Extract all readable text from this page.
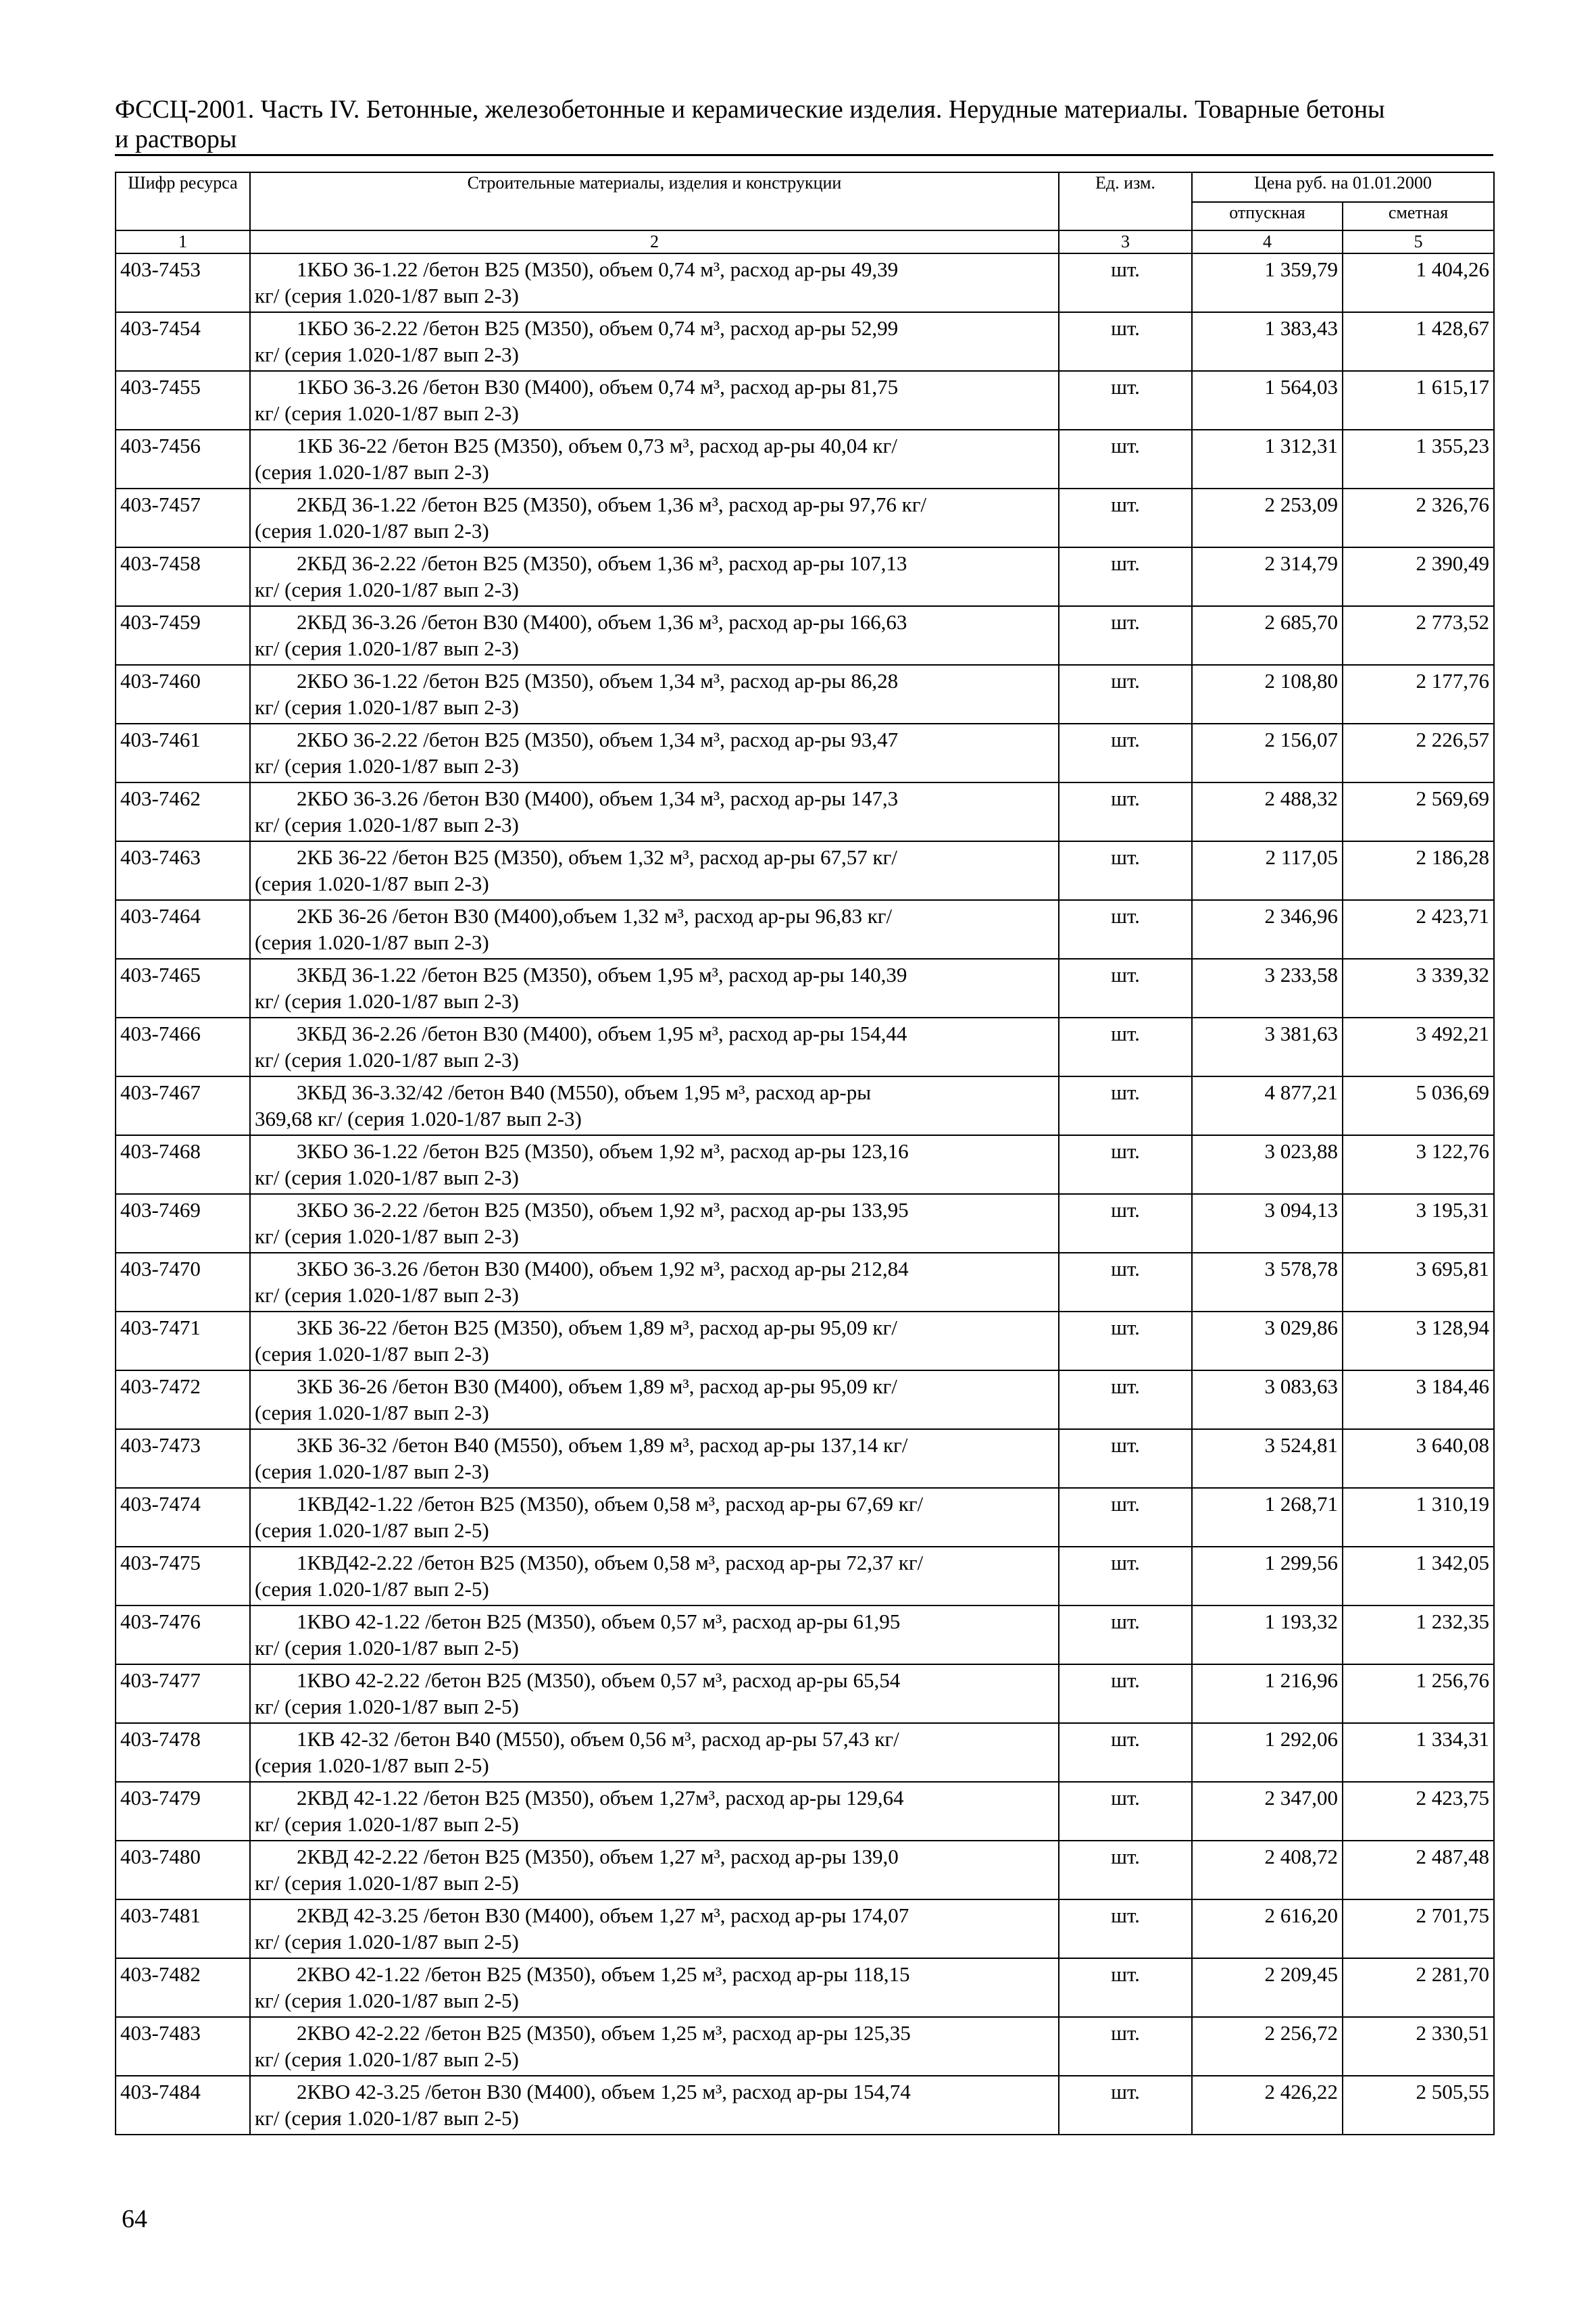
ФССЦ-2001. Часть IV. Бетонные, железобетонные и керамические изделия. Нерудные материалы. Товарные бетоны
и растворы
Шифр ресурса	Строительные материалы, изделия и конструкции	Ед. изм.	Цена руб. на 01.01.2000	
			отпускная	сметная
1	2	3	4	5
403-7453	1КБО 36-1.22 /бетон В25 (М350), объем 0,74 м³, расход ар-ры 49,39
кг/ (серия 1.020-1/87 вып 2-3)	шт.	1 359,79	1 404,26
403-7454	1КБО 36-2.22 /бетон В25 (М350), объем 0,74 м³, расход ар-ры 52,99
кг/ (серия 1.020-1/87 вып 2-3)	шт.	1 383,43	1 428,67
403-7455	1КБО 36-3.26 /бетон В30 (М400), объем 0,74 м³, расход ар-ры 81,75
кг/ (серия 1.020-1/87 вып 2-3)	шт.	1 564,03	1 615,17
403-7456	1КБ 36-22 /бетон В25 (М350), объем 0,73 м³, расход ар-ры 40,04 кг/
(серия 1.020-1/87 вып 2-3)	шт.	1 312,31	1 355,23
403-7457	2КБД 36-1.22 /бетон В25 (М350), объем 1,36 м³, расход ар-ры 97,76 кг/
(серия 1.020-1/87 вып 2-3)	шт.	2 253,09	2 326,76
403-7458	2КБД 36-2.22 /бетон В25 (М350), объем 1,36 м³, расход ар-ры 107,13
кг/ (серия 1.020-1/87 вып 2-3)	шт.	2 314,79	2 390,49
403-7459	2КБД 36-3.26 /бетон В30 (М400), объем 1,36 м³, расход ар-ры 166,63
кг/ (серия 1.020-1/87 вып 2-3)	шт.	2 685,70	2 773,52
403-7460	2КБО 36-1.22 /бетон В25 (М350), объем 1,34 м³, расход ар-ры 86,28
кг/ (серия 1.020-1/87 вып 2-3)	шт.	2 108,80	2 177,76
403-7461	2КБО 36-2.22 /бетон В25 (М350), объем 1,34 м³, расход ар-ры 93,47
кг/ (серия 1.020-1/87 вып 2-3)	шт.	2 156,07	2 226,57
403-7462	2КБО 36-3.26 /бетон В30 (М400), объем 1,34 м³, расход ар-ры 147,3
кг/ (серия 1.020-1/87 вып 2-3)	шт.	2 488,32	2 569,69
403-7463	2КБ 36-22 /бетон В25 (М350), объем 1,32 м³, расход ар-ры 67,57 кг/
(серия 1.020-1/87 вып 2-3)	шт.	2 117,05	2 186,28
403-7464	2КБ 36-26 /бетон В30 (М400),объем 1,32 м³, расход ар-ры 96,83 кг/
(серия 1.020-1/87 вып 2-3)	шт.	2 346,96	2 423,71
403-7465	3КБД 36-1.22 /бетон В25 (М350), объем 1,95 м³, расход ар-ры 140,39
кг/ (серия 1.020-1/87 вып 2-3)	шт.	3 233,58	3 339,32
403-7466	3КБД 36-2.26 /бетон В30 (М400), объем 1,95 м³, расход ар-ры 154,44
кг/ (серия 1.020-1/87 вып 2-3)	шт.	3 381,63	3 492,21
403-7467	3КБД 36-3.32/42 /бетон В40 (М550), объем 1,95 м³, расход ар-ры
369,68 кг/ (серия 1.020-1/87 вып 2-3)	шт.	4 877,21	5 036,69
403-7468	3КБО 36-1.22 /бетон В25 (М350), объем 1,92 м³, расход ар-ры 123,16
кг/ (серия 1.020-1/87 вып 2-3)	шт.	3 023,88	3 122,76
403-7469	3КБО 36-2.22 /бетон В25 (М350), объем 1,92 м³, расход ар-ры 133,95
кг/ (серия 1.020-1/87 вып 2-3)	шт.	3 094,13	3 195,31
403-7470	3КБО 36-3.26 /бетон В30 (М400), объем 1,92 м³, расход ар-ры 212,84
кг/ (серия 1.020-1/87 вып 2-3)	шт.	3 578,78	3 695,81
403-7471	3КБ 36-22 /бетон В25 (М350), объем 1,89 м³, расход ар-ры 95,09 кг/
(серия 1.020-1/87 вып 2-3)	шт.	3 029,86	3 128,94
403-7472	3КБ 36-26 /бетон В30 (М400), объем 1,89 м³, расход ар-ры 95,09 кг/
(серия 1.020-1/87 вып 2-3)	шт.	3 083,63	3 184,46
403-7473	3КБ 36-32 /бетон В40 (М550), объем 1,89 м³, расход ар-ры 137,14 кг/
(серия 1.020-1/87 вып 2-3)	шт.	3 524,81	3 640,08
403-7474	1КВД42-1.22 /бетон В25 (М350), объем 0,58 м³, расход ар-ры 67,69 кг/
(серия 1.020-1/87 вып 2-5)	шт.	1 268,71	1 310,19
403-7475	1КВД42-2.22 /бетон В25 (М350), объем 0,58 м³, расход ар-ры 72,37 кг/
(серия 1.020-1/87 вып 2-5)	шт.	1 299,56	1 342,05
403-7476	1КВО 42-1.22 /бетон В25 (М350), объем 0,57 м³, расход ар-ры 61,95
кг/ (серия 1.020-1/87 вып 2-5)	шт.	1 193,32	1 232,35
403-7477	1КВО 42-2.22 /бетон В25 (М350), объем 0,57 м³, расход ар-ры 65,54
кг/ (серия 1.020-1/87 вып 2-5)	шт.	1 216,96	1 256,76
403-7478	1КВ 42-32 /бетон В40 (М550), объем 0,56 м³, расход ар-ры 57,43 кг/
(серия 1.020-1/87 вып 2-5)	шт.	1 292,06	1 334,31
403-7479	2КВД 42-1.22 /бетон В25 (М350), объем 1,27м³, расход ар-ры 129,64
кг/ (серия 1.020-1/87 вып 2-5)	шт.	2 347,00	2 423,75
403-7480	2КВД 42-2.22 /бетон В25 (М350), объем 1,27 м³, расход ар-ры 139,0
кг/ (серия 1.020-1/87 вып 2-5)	шт.	2 408,72	2 487,48
403-7481	2КВД 42-3.25 /бетон В30 (М400), объем 1,27 м³, расход ар-ры 174,07
кг/ (серия 1.020-1/87 вып 2-5)	шт.	2 616,20	2 701,75
403-7482	2КВО 42-1.22 /бетон В25 (М350), объем 1,25 м³, расход ар-ры 118,15
кг/ (серия 1.020-1/87 вып 2-5)	шт.	2 209,45	2 281,70
403-7483	2КВО 42-2.22 /бетон В25 (М350), объем 1,25 м³, расход ар-ры 125,35
кг/ (серия 1.020-1/87 вып 2-5)	шт.	2 256,72	2 330,51
403-7484	2КВО 42-3.25 /бетон В30 (М400), объем 1,25 м³, расход ар-ры 154,74
кг/ (серия 1.020-1/87 вып 2-5)	шт.	2 426,22	2 505,55
64
